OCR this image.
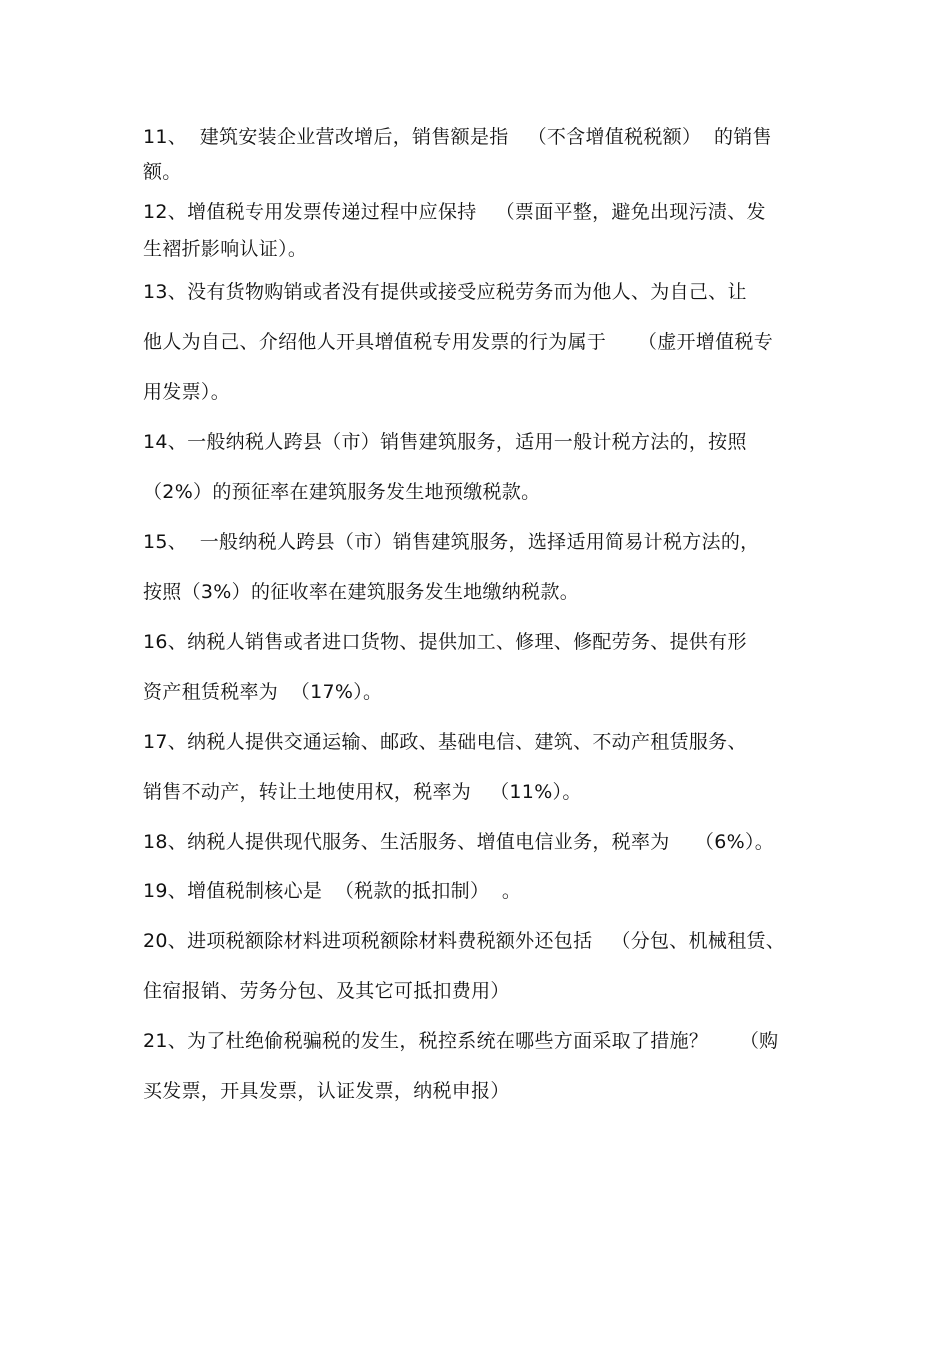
11、  建筑安装企业营改增后，销售额是指   （不含增值税税额）  的销售
额。
12、增值税专用发票传递过程中应保持   （票面平整，避免出现污渍、发
生褶折影响认证）。
13、没有货物购销或者没有提供或接受应税劳务而为他人、为自己、让
他人为自己、介绍他人开具增值税专用发票的行为属于     （虚开增值税专
用发票）。
14、一般纳税人跨县（市）销售建筑服务，适用一般计税方法的，按照
（2%）的预征率在建筑服务发生地预缴税款。
15、  一般纳税人跨县（市）销售建筑服务，选择适用简易计税方法的，
按照（3%）的征收率在建筑服务发生地缴纳税款。
16、纳税人销售或者进口货物、提供加工、修理、修配劳务、提供有形
资产租赁税率为  （17%）。
17、纳税人提供交通运输、邮政、基础电信、建筑、不动产租赁服务、
销售不动产，转让土地使用权，税率为   （11%）。
18、纳税人提供现代服务、生活服务、增值电信业务，税率为    （6%）。
19、增值税制核心是  （税款的抵扣制）  。
20、进项税额除材料进项税额除材料费税额外还包括   （分包、机械租赁、
住宿报销、劳务分包、及其它可抵扣费用）
21、为了杜绝偷税骗税的发生，税控系统在哪些方面采取了措施？     （购
买发票，开具发票，认证发票，纳税申报）
